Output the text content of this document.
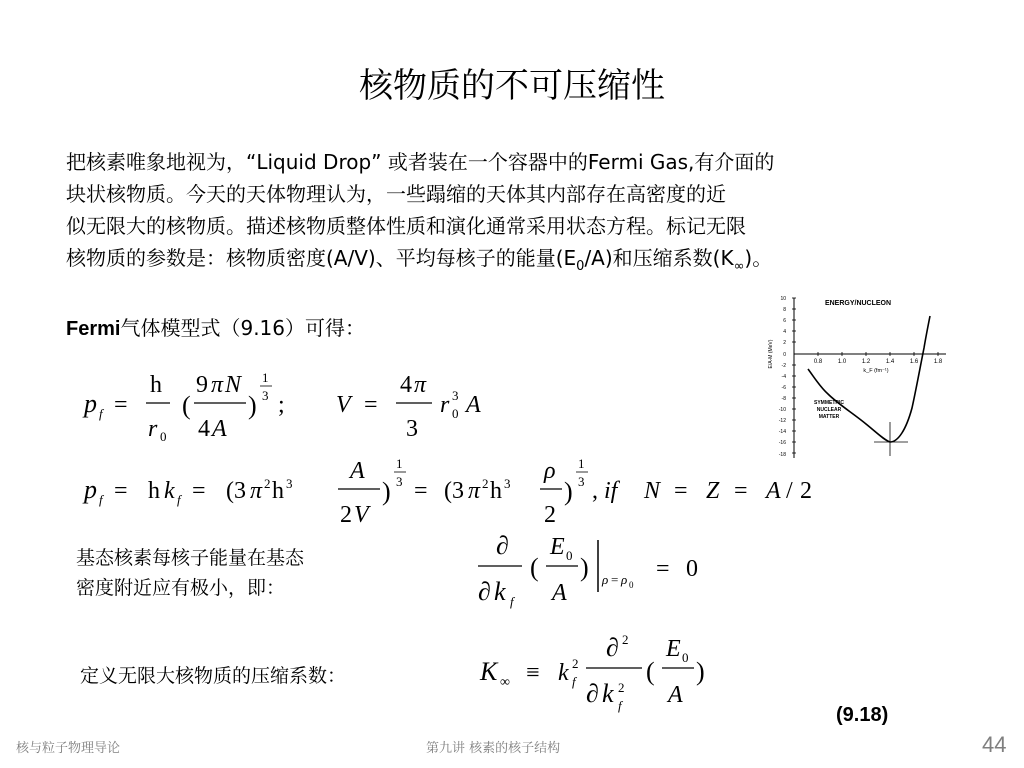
核物质的不可压缩性
把核素唯象地视为，“Liquid Drop” 或者装在一个容器中的Fermi Gas,有介面的
块状核物质。今天的天体物理认为，一些蹋缩的天体其内部存在高密度的近
似无限大的核物质。描述核物质整体性质和演化通常采用状态方程。标记无限
核物质的参数是：核物质密度(A/V)、平均每核子的能量$(E_0/A)$和压缩系数$(K_\infty)$。
Fermi气体模型式（9.16）可得：
10
8
6
4
2
0
-2
-4
-6
-8
-10
-12
-14
-16
-18
0.8	1.0	1.2	1.4	1.6	1.8
k_F (fm⁻¹)
E/A-M (MeV)
ENERGY/NUCLEON
SYMMETRIC
NUCLEAR
MATTER
p f =
h
r 0
(
9 π N
4 A
)
1
3 ; V =
4 π
3
r 3
0 A
p f = h k f = (3 π 2 h 3 A
2 V
)
1
3 = (3 π 2 h 3 ρ
2
)
1
3 , if N = Z = A / 2
基态核素每核子能量在基态
密度附近应有极小，即：
∂
∂ k f
(
E 0
A
) ρ = ρ 0
= 0
定义无限大核物质的压缩系数：	K ∞ ≡ k 2
f
∂ 2
∂ k 2
f
(
E 0
A
)
(9.18)
核与粒子物理导论	第九讲 核素的核子结构	44
